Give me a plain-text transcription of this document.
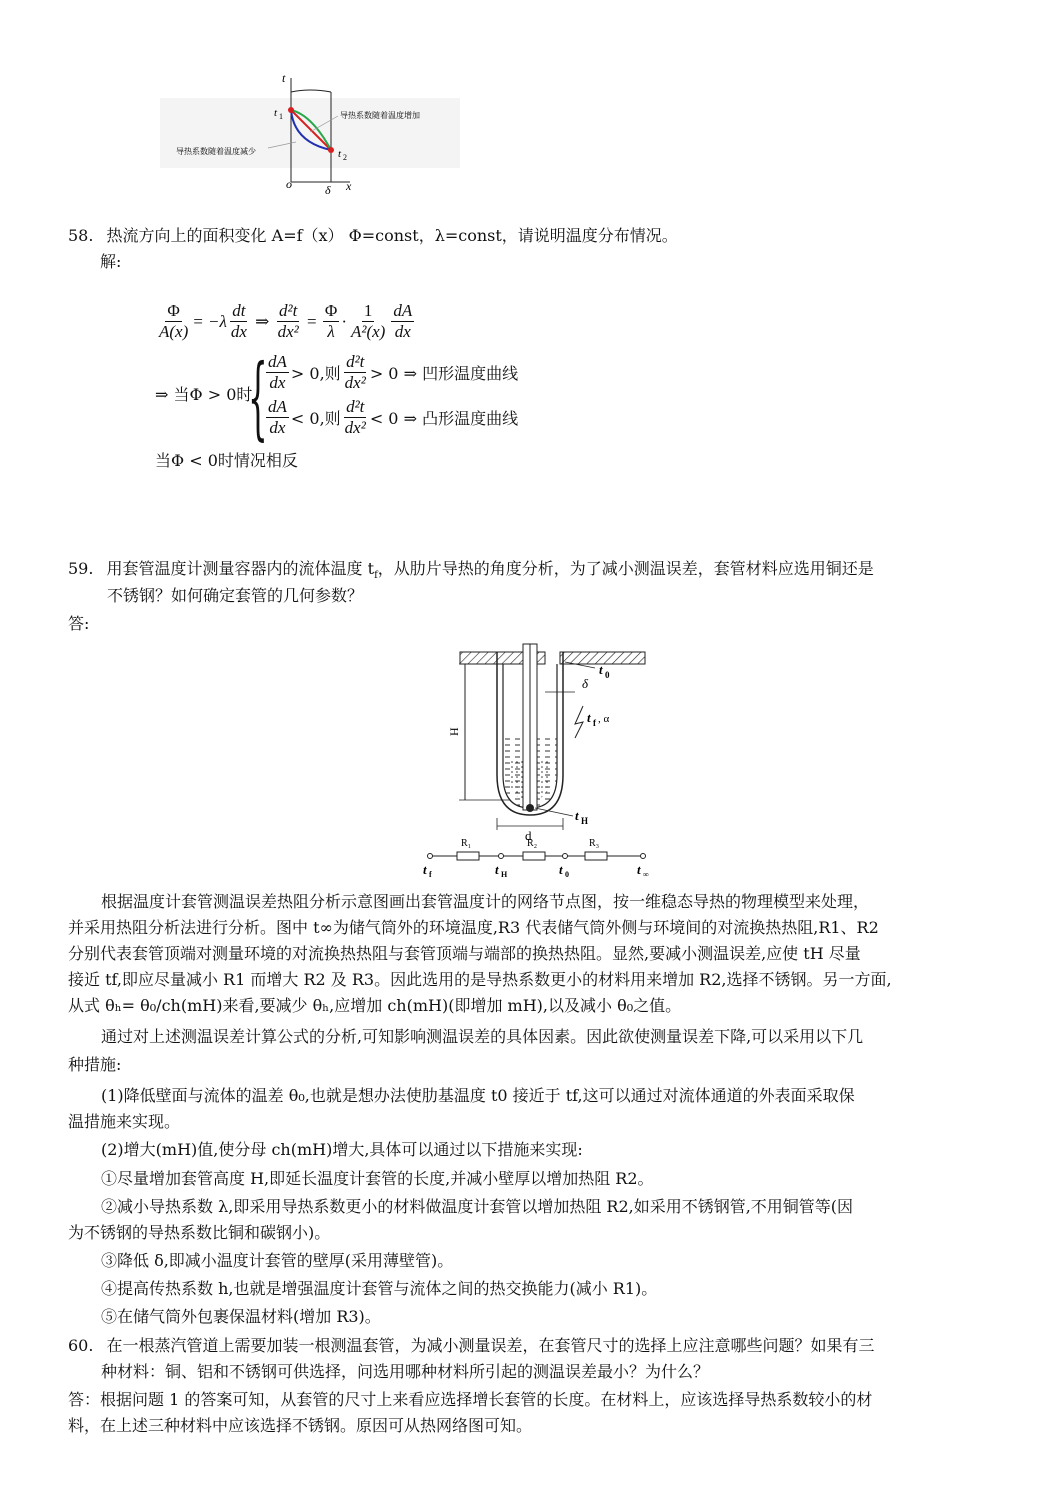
t
x
o	δ
t 1
t 2
导热系数随着温度增加
导热系数随着温度减少
58. 热流方向上的面积变化 A=f（x） Φ=const，λ=const，请说明温度分布情况。
解:
$\frac{\Phi}{A(x)} = -\lambda \frac{dt}{dx}$ ⇒ $\frac{\text{d²t}}{\text{dx²}} = \frac{\Phi}{\lambda} \cdot \frac{1}{\text{A²(x)}} \frac{dA}{dx}$
⇒ 当Φ > 0时,
{
$\frac{dA}{dx} > 0$,则 $\frac{\text{d²t}}{\text{dx²}} > 0$ ⇒ 凹形温度曲线
$\frac{dA}{dx} < 0$,则 $\frac{\text{d²t}}{\text{dx²}} < 0$ ⇒ 凸形温度曲线
当Φ < 0时情况相反
59. 用套管温度计测量容器内的流体温度 $t_f$，从肋片导热的角度分析，为了减小测温误差，套管材料应选用铜还是
不锈钢？如何确定套管的几何参数？
答:
H
d
δ
t 0
t f , α
t H
R₁	R₂	R₃
t f	t H	t 0	t ∞
根据温度计套管测温误差热阻分析示意图画出套管温度计的网络节点图，按一维稳态导热的物理模型来处理，
并采用热阻分析法进行分析。图中 t∞为储气筒外的环境温度,R3 代表储气筒外侧与环境间的对流换热热阻,R1、R2
分别代表套管顶端对测量环境的对流换热热阻与套管顶端与端部的换热热阻。显然,要减小测温误差,应使 tH 尽量
接近 tf,即应尽量减小 R1 而增大 R2 及 R3。因此选用的是导热系数更小的材料用来增加 R2,选择不锈钢。另一方面,
从式 θₕ= θ₀/ch(mH)来看,要减少 θₕ,应增加 ch(mH)(即增加 mH),以及减小 θ₀之值。
通过对上述测温误差计算公式的分析,可知影响测温误差的具体因素。因此欲使测量误差下降,可以采用以下几
种措施:
(1)降低壁面与流体的温差 θ₀,也就是想办法使肋基温度 t0 接近于 tf,这可以通过对流体通道的外表面采取保
温措施来实现。
(2)增大(mH)值,使分母 ch(mH)增大,具体可以通过以下措施来实现:
①尽量增加套管高度 H,即延长温度计套管的长度,并减小壁厚以增加热阻 R2。
②减小导热系数 λ,即采用导热系数更小的材料做温度计套管以增加热阻 R2,如采用不锈钢管,不用铜管等(因
为不锈钢的导热系数比铜和碳钢小)。
③降低 δ,即减小温度计套管的壁厚(采用薄壁管)。
④提高传热系数 h,也就是增强温度计套管与流体之间的热交换能力(减小 R1)。
⑤在储气筒外包裹保温材料(增加 R3)。
60. 在一根蒸汽管道上需要加装一根测温套管，为减小测量误差，在套管尺寸的选择上应注意哪些问题？如果有三
种材料：铜、铝和不锈钢可供选择，问选用哪种材料所引起的测温误差最小？为什么？
答：根据问题 1 的答案可知，从套管的尺寸上来看应选择增长套管的长度。在材料上，应该选择导热系数较小的材
料，在上述三种材料中应该选择不锈钢。原因可从热网络图可知。
